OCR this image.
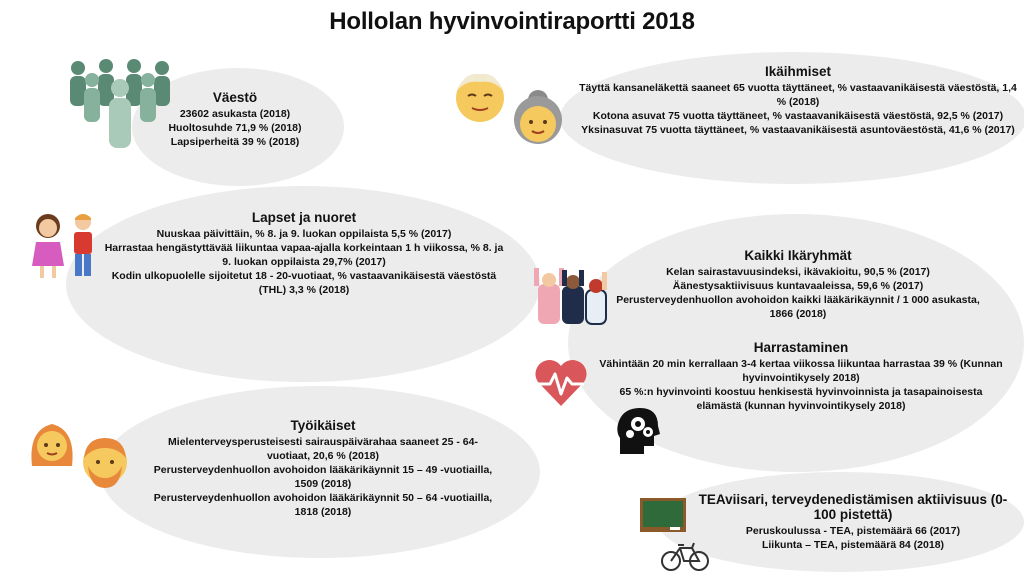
Hollolan hyvinvointiraportti 2018
Väestö
23602 asukasta (2018)
Huoltosuhde 71,9 % (2018)
Lapsiperheitä 39 % (2018)
Ikäihmiset
Täyttä kansaneläkettä saaneet 65 vuotta täyttäneet, % vastaavanikäisestä väestöstä, 1,4 % (2018)
Kotona asuvat 75 vuotta täyttäneet, % vastaavanikäisestä väestöstä, 92,5 % (2017)
Yksinasuvat 75 vuotta täyttäneet, % vastaavanikäisestä asuntoväestöstä, 41,6 % (2017)
Lapset ja nuoret
Nuuskaa päivittäin, % 8. ja 9. luokan oppilaista 5,5 % (2017)
Harrastaa hengästyttävää liikuntaa vapaa-ajalla korkeintaan 1 h viikossa, % 8. ja 9. luokan oppilaista 29,7% (2017)
Kodin ulkopuolelle sijoitetut 18 - 20-vuotiaat, % vastaavanikäisestä väestöstä (THL) 3,3 % (2018)
Kaikki Ikäryhmät
Kelan sairastavuusindeksi, ikävakioitu, 90,5 % (2017)
Äänestysaktiivisuus kuntavaaleissa, 59,6 % (2017)
Perusterveydenhuollon avohoidon kaikki lääkärikäynnit / 1 000 asukasta, 1866 (2018)
Harrastaminen
Vähintään 20 min kerrallaan 3-4 kertaa viikossa liikuntaa harrastaa 39 % (Kunnan hyvinvointikysely 2018)
65 %:n hyvinvointi koostuu henkisestä hyvinvoinnista ja tasapainoisesta elämästä (kunnan hyvinvointikysely 2018)
Työikäiset
Mielenterveysperusteisesti sairauspäivärahaa saaneet 25 - 64-vuotiaat, 20,6 % (2018)
Perusterveydenhuollon avohoidon lääkärikäynnit 15 – 49 -vuotiailla, 1509 (2018)
Perusterveydenhuollon avohoidon lääkärikäynnit 50 – 64 -vuotiailla, 1818 (2018)
TEAviisari, terveydenedistämisen aktiivisuus (0-100 pistettä)
Peruskoulussa - TEA, pistemäärä 66 (2017)
Liikunta – TEA, pistemäärä 84 (2018)
